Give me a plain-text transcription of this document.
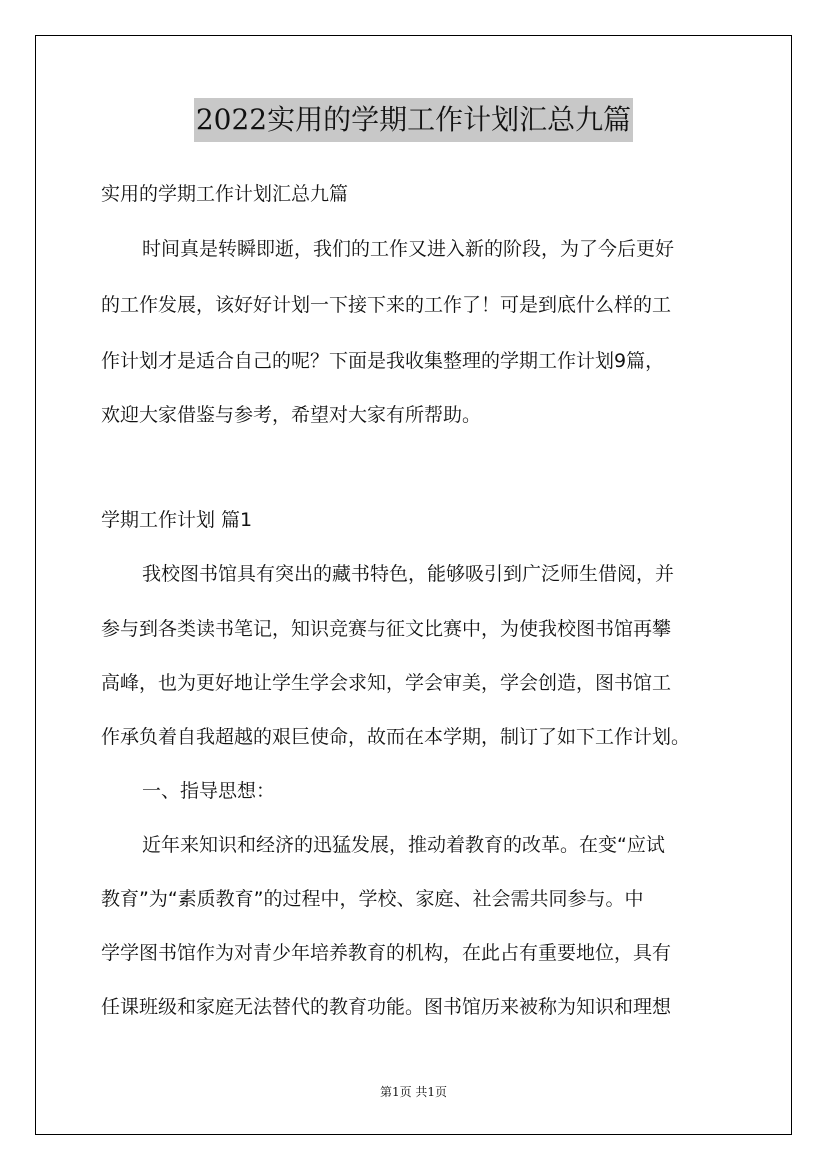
2022实用的学期工作计划汇总九篇
实用的学期工作计划汇总九篇
时间真是转瞬即逝，我们的工作又进入新的阶段，为了今后更好
的工作发展，该好好计划一下接下来的工作了！可是到底什么样的工
作计划才是适合自己的呢？下面是我收集整理的学期工作计划9篇，
欢迎大家借鉴与参考，希望对大家有所帮助。
学期工作计划 篇1
我校图书馆具有突出的藏书特色，能够吸引到广泛师生借阅，并
参与到各类读书笔记，知识竞赛与征文比赛中，为使我校图书馆再攀
高峰，也为更好地让学生学会求知，学会审美，学会创造，图书馆工
作承负着自我超越的艰巨使命，故而在本学期，制订了如下工作计划。
一、指导思想：
近年来知识和经济的迅猛发展，推动着教育的改革。在变“应试
教育”为“素质教育”的过程中，学校、家庭、社会需共同参与。中
学学图书馆作为对青少年培养教育的机构，在此占有重要地位，具有
任课班级和家庭无法替代的教育功能。图书馆历来被称为知识和理想
第1页 共1页
